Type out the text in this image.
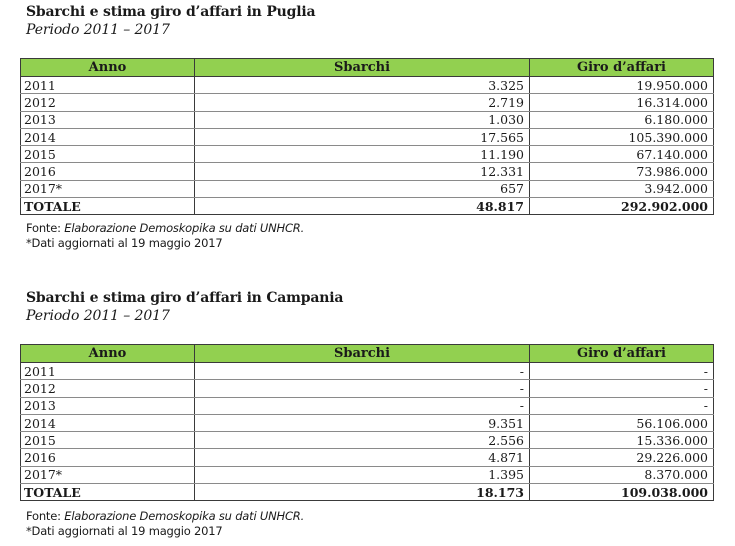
Sbarchi e stima giro d’affari in Puglia
Periodo 2011 – 2017
Anno	Sbarchi	Giro d’affari
2011	3.325	19.950.000
2012	2.719	16.314.000
2013	1.030	6.180.000
2014	17.565	105.390.000
2015	11.190	67.140.000
2016	12.331	73.986.000
2017*	657	3.942.000
TOTALE	48.817	292.902.000
Fonte: Elaborazione Demoskopika su dati UNHCR.
*Dati aggiornati al 19 maggio 2017
Sbarchi e stima giro d’affari in Campania
Periodo 2011 – 2017
Anno	Sbarchi	Giro d’affari
2011	-	-
2012	-	-
2013	-	-
2014	9.351	56.106.000
2015	2.556	15.336.000
2016	4.871	29.226.000
2017*	1.395	8.370.000
TOTALE	18.173	109.038.000
Fonte: Elaborazione Demoskopika su dati UNHCR.
*Dati aggiornati al 19 maggio 2017
